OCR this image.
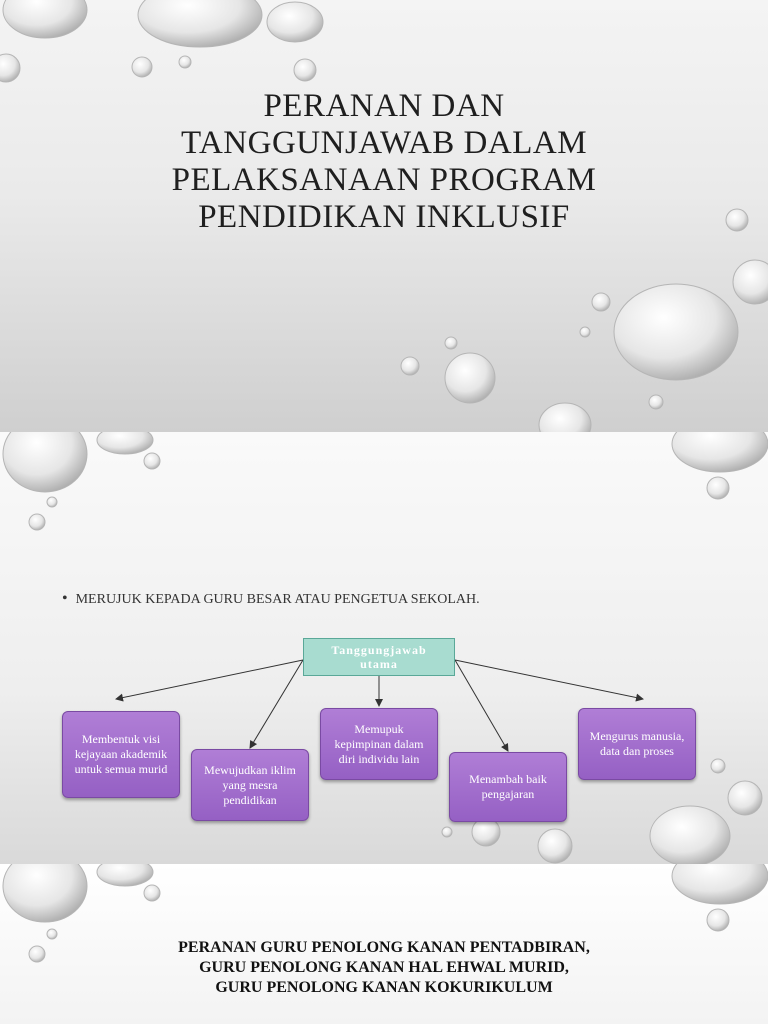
PERANAN DAN
TANGGUNJAWAB DALAM
PELAKSANAAN PROGRAM
PENDIDIKAN INKLUSIF
• MERUJUK KEPADA GURU BESAR ATAU PENGETUA SEKOLAH.
Tanggungjawab
utama
Membentuk visi kejayaan akademik untuk semua murid	Mewujudkan iklim yang mesra pendidikan
Memupuk kepimpinan dalam diri individu lain
Menambah baik pengajaran
Mengurus manusia, data dan proses
PERANAN GURU PENOLONG KANAN PENTADBIRAN,
GURU PENOLONG KANAN HAL EHWAL MURID,
GURU PENOLONG KANAN KOKURIKULUM
